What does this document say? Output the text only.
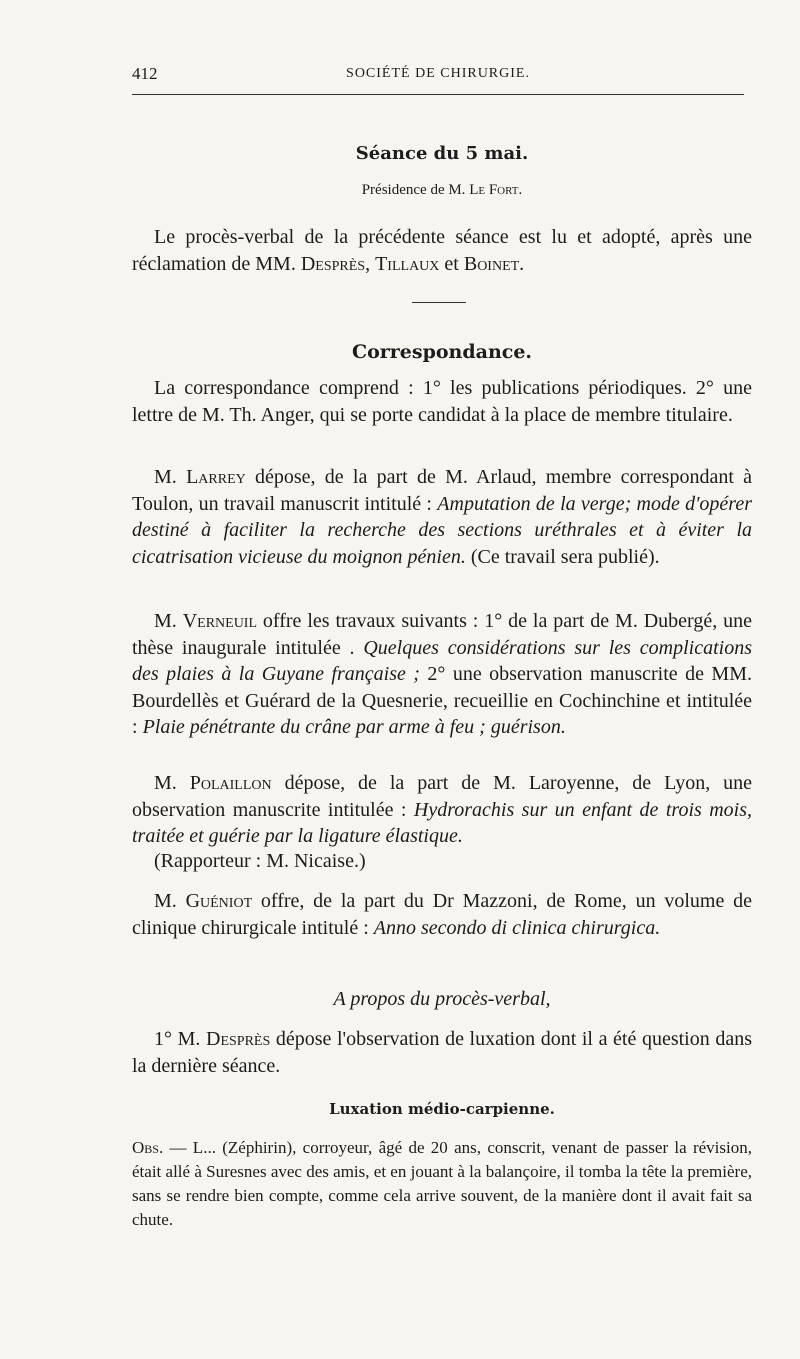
412	SOCIÉTÉ DE CHIRURGIE.
Séance du 5 mai.
Présidence de M. Le Fort.
Le procès-verbal de la précédente séance est lu et adopté, après une réclamation de MM. Desprès, Tillaux et Boinet.
Correspondance.
La correspondance comprend : 1° les publications périodiques. 2° une lettre de M. Th. Anger, qui se porte candidat à la place de membre titulaire.
M. Larrey dépose, de la part de M. Arlaud, membre correspondant à Toulon, un travail manuscrit intitulé : Amputation de la verge; mode d'opérer destiné à faciliter la recherche des sections uréthrales et à éviter la cicatrisation vicieuse du moignon pénien. (Ce travail sera publié).
M. Verneuil offre les travaux suivants : 1° de la part de M. Dubergé, une thèse inaugurale intitulée . Quelques considérations sur les complications des plaies à la Guyane française ; 2° une observation manuscrite de MM. Bourdellès et Guérard de la Quesnerie, recueillie en Cochinchine et intitulée : Plaie pénétrante du crâne par arme à feu ; guérison.
M. Polaillon dépose, de la part de M. Laroyenne, de Lyon, une observation manuscrite intitulée : Hydrorachis sur un enfant de trois mois, traitée et guérie par la ligature élastique.
(Rapporteur : M. Nicaise.)
M. Guéniot offre, de la part du Dr Mazzoni, de Rome, un volume de clinique chirurgicale intitulé : Anno secondo di clinica chirurgica.
A propos du procès-verbal,
1° M. Desprès dépose l'observation de luxation dont il a été question dans la dernière séance.
Luxation médio-carpienne.
Obs. — L... (Zéphirin), corroyeur, âgé de 20 ans, conscrit, venant de passer la révision, était allé à Suresnes avec des amis, et en jouant à la balançoire, il tomba la tête la première, sans se rendre bien compte, comme cela arrive souvent, de la manière dont il avait fait sa chute.
